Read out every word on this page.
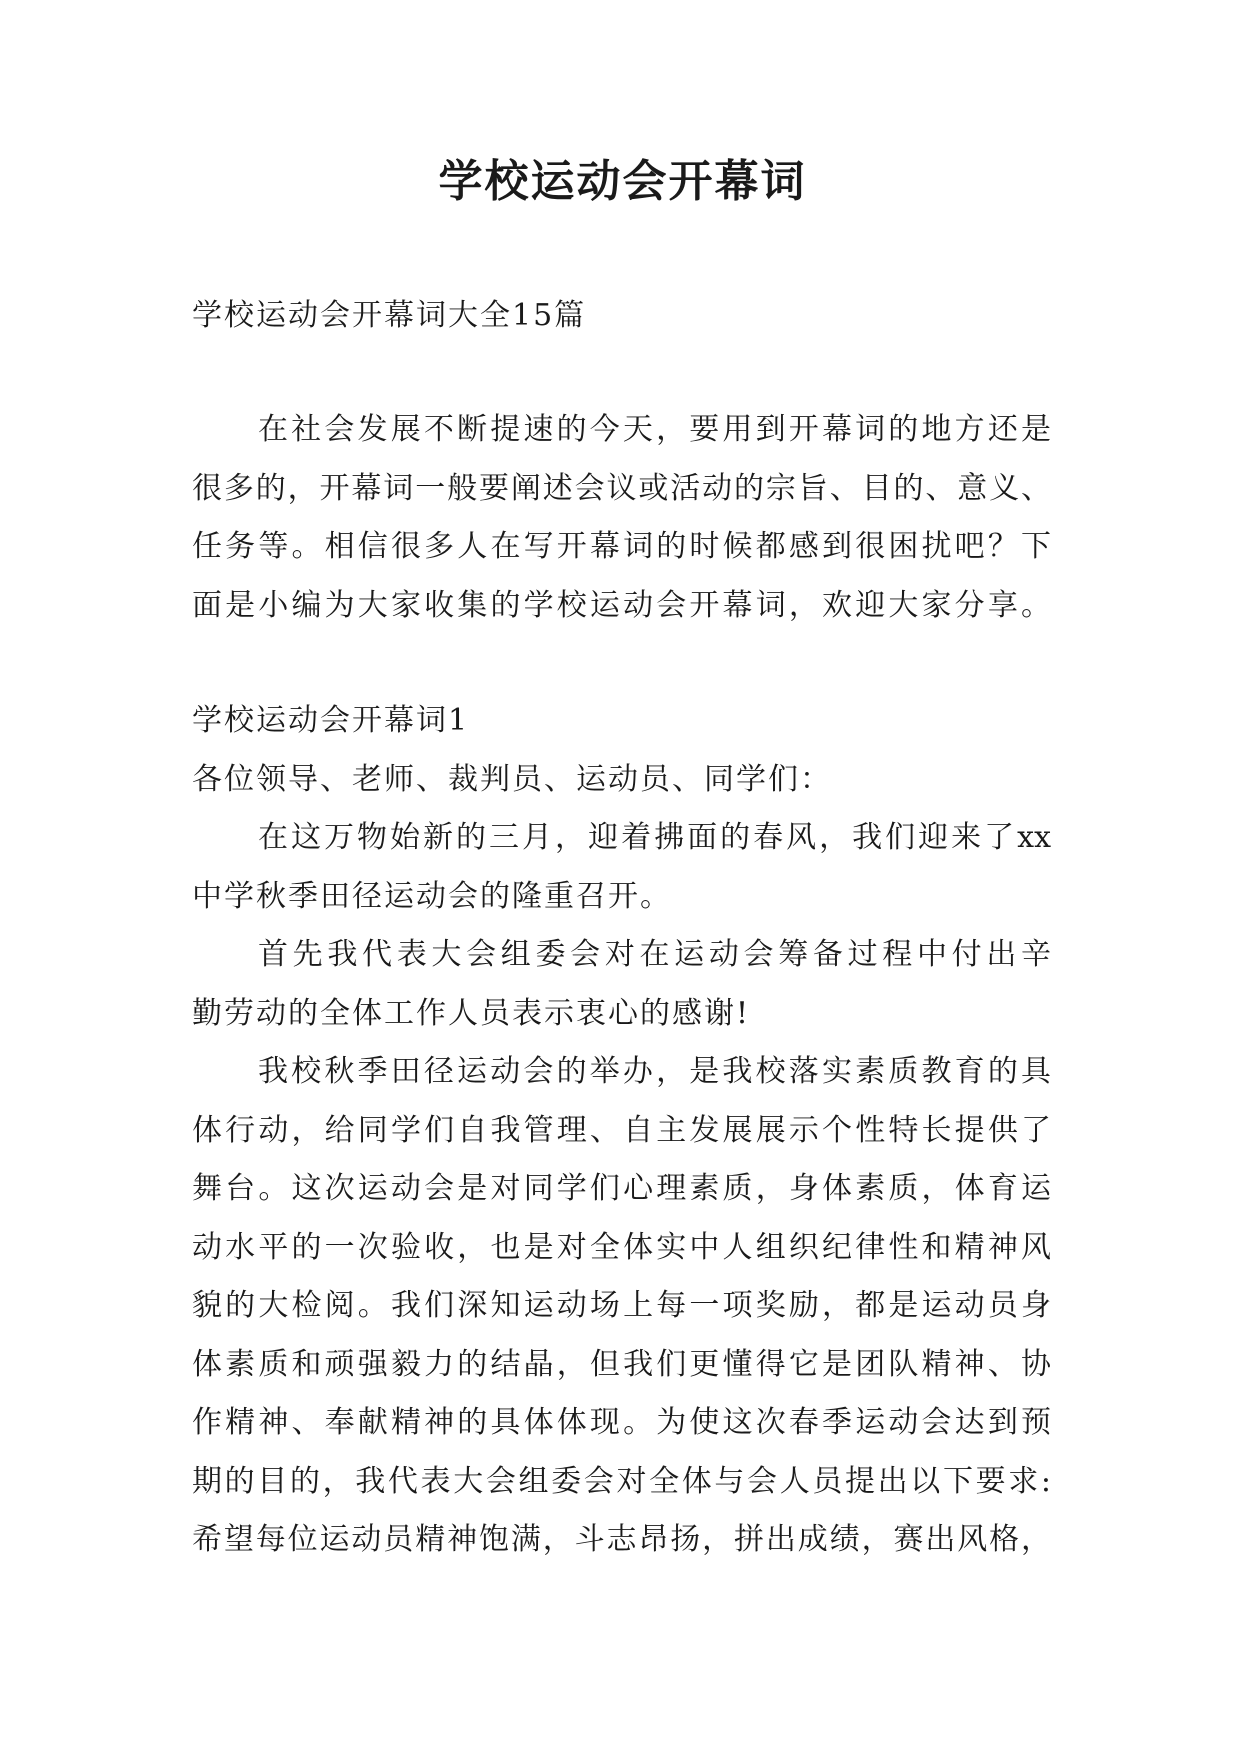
学校运动会开幕词
学校运动会开幕词大全15篇
在社会发展不断提速的今天，要用到开幕词的地方还是
很多的，开幕词一般要阐述会议或活动的宗旨、目的、意义、
任务等。相信很多人在写开幕词的时候都感到很困扰吧？下
面是小编为大家收集的学校运动会开幕词，欢迎大家分享。
学校运动会开幕词1
各位领导、老师、裁判员、运动员、同学们：
在这万物始新的三月，迎着拂面的春风，我们迎来了xx
中学秋季田径运动会的隆重召开。
首先我代表大会组委会对在运动会筹备过程中付出辛
勤劳动的全体工作人员表示衷心的感谢!
我校秋季田径运动会的举办，是我校落实素质教育的具
体行动，给同学们自我管理、自主发展展示个性特长提供了
舞台。这次运动会是对同学们心理素质，身体素质，体育运
动水平的一次验收，也是对全体实中人组织纪律性和精神风
貌的大检阅。我们深知运动场上每一项奖励，都是运动员身
体素质和顽强毅力的结晶，但我们更懂得它是团队精神、协
作精神、奉献精神的具体体现。为使这次春季运动会达到预
期的目的，我代表大会组委会对全体与会人员提出以下要求:
希望每位运动员精神饱满，斗志昂扬，拼出成绩，赛出风格，
